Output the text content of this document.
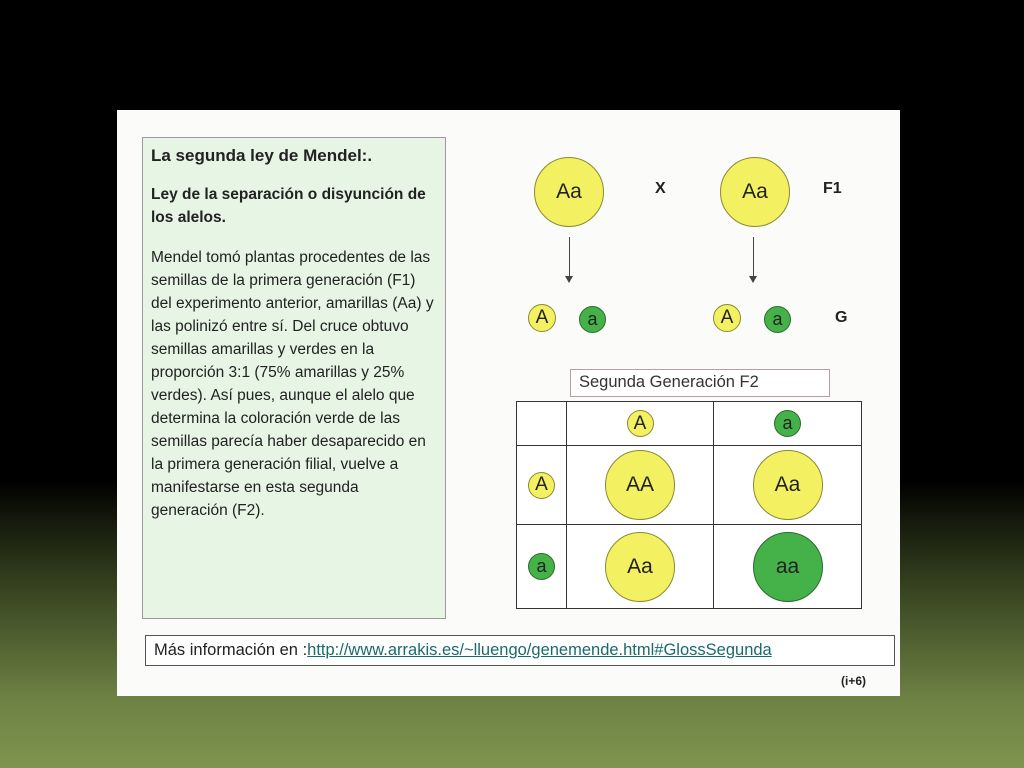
La segunda ley de Mendel:.
Ley de la separación o disyunción de los alelos.
Mendel tomó plantas procedentes de las semillas de la primera generación (F1) del experimento anterior, amarillas (Aa) y las polinizó entre sí. Del cruce obtuvo semillas amarillas y verdes en la proporción 3:1 (75% amarillas y 25% verdes). Así pues, aunque el alelo que determina la coloración verde de las semillas parecía haber desaparecido en la primera generación filial, vuelve a manifestarse en esta segunda generación (F2).
Aa	X	Aa	F1
A a	A a	G
Segunda Generación F2

	A	a

A	AA	Aa

a	Aa	aa
Más información en :http://www.arrakis.es/~lluengo/genemende.html#GlossSegunda
(i+6)
